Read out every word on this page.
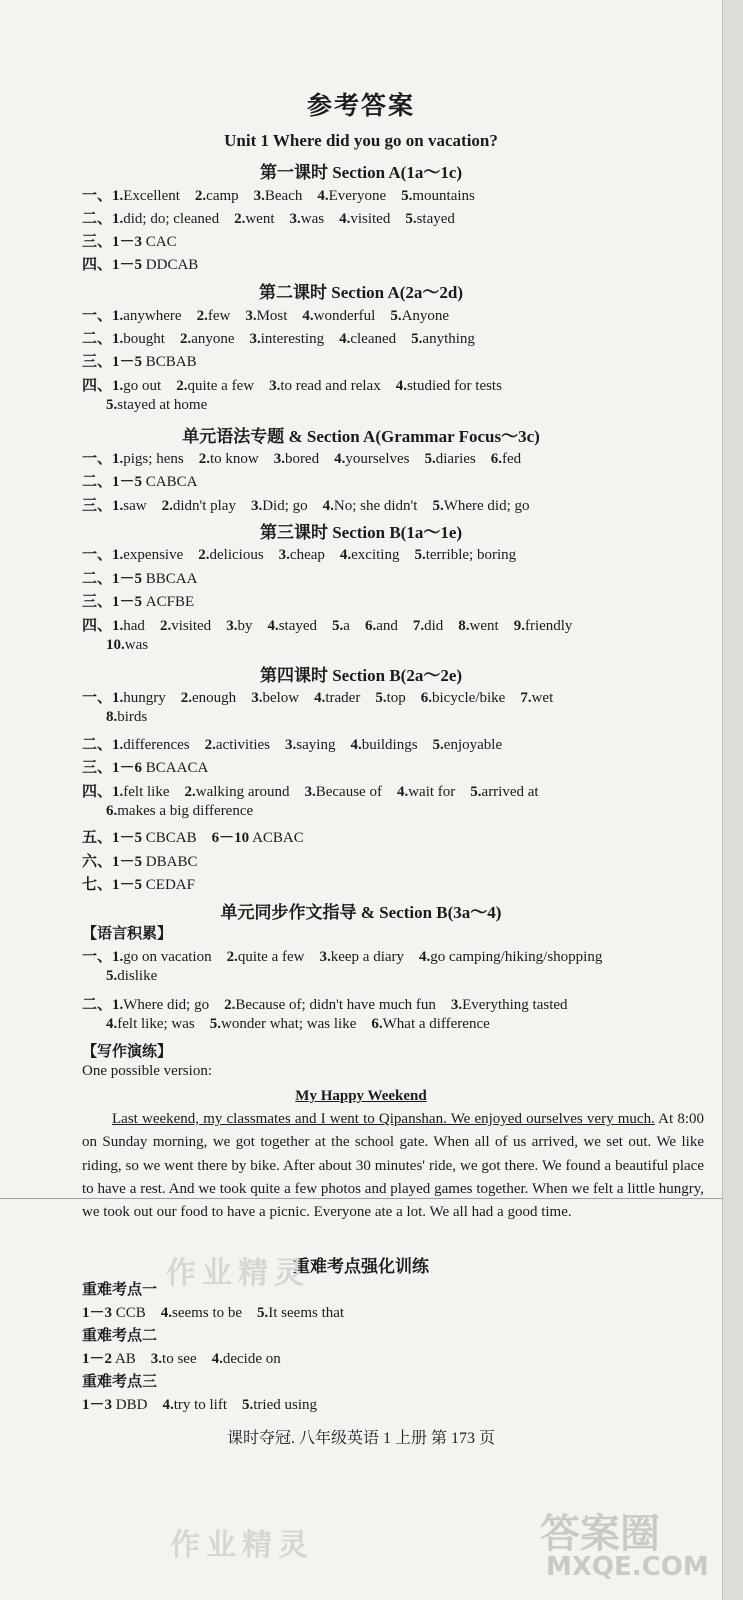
参考答案
Unit 1 Where did you go on vacation?
第一课时 Section A(1a～1c)
一、1.Excellent  2.camp  3.Beach  4.Everyone  5.mountains
二、1.did; do; cleaned  2.went  3.was  4.visited  5.stayed
三、1－3 CAC
四、1－5 DDCAB
第二课时 Section A(2a～2d)
一、1.anywhere  2.few  3.Most  4.wonderful  5.Anyone
二、1.bought  2.anyone  3.interesting  4.cleaned  5.anything
三、1－5 BCBAB
四、1.go out  2.quite a few  3.to read and relax  4.studied for tests
5.stayed at home
单元语法专题 & Section A(Grammar Focus～3c)
一、1.pigs; hens  2.to know  3.bored  4.yourselves  5.diaries  6.fed
二、1－5 CABCA
三、1.saw  2.didn't play  3.Did; go  4.No; she didn't  5.Where did; go
第三课时 Section B(1a～1e)
一、1.expensive  2.delicious  3.cheap  4.exciting  5.terrible; boring
二、1－5 BBCAA
三、1－5 ACFBE
四、1.had  2.visited  3.by  4.stayed  5.a  6.and  7.did  8.went  9.friendly
10.was
第四课时 Section B(2a～2e)
一、1.hungry  2.enough  3.below  4.trader  5.top  6.bicycle/bike  7.wet
8.birds
二、1.differences  2.activities  3.saying  4.buildings  5.enjoyable
三、1－6 BCAACA
四、1.felt like  2.walking around  3.Because of  4.wait for  5.arrived at
6.makes a big difference
五、1－5 CBCAB  6－10 ACBAC
六、1－5 DBABC
七、1－5 CEDAF
单元同步作文指导 & Section B(3a～4)
【语言积累】
一、1.go on vacation  2.quite a few  3.keep a diary  4.go camping/hiking/shopping
5.dislike
二、1.Where did; go  2.Because of; didn't have much fun  3.Everything tasted
4.felt like; was  5.wonder what; was like  6.What a difference
【写作演练】
One possible version:
My Happy Weekend

Last weekend, my classmates and I went to Qipanshan. We enjoyed ourselves very much. At 8:00 on Sunday morning, we got together at the school gate. When all of us arrived, we set out. We like riding, so we went there by bike. After about 30 minutes' ride, we got there. We found a beautiful place to have a rest. And we took quite a few photos and played games together. When we felt a little hungry, we took out our food to have a picnic. Everyone ate a lot. We all had a good time.

重难考点强化训练
重难考点一
1－3 CCB  4.seems to be  5.It seems that
重难考点二
1－2 AB  3.to see  4.decide on
重难考点三
1－3 DBD  4.try to lift  5.tried using
课时夺冠. 八年级英语 1 上册 第 173 页
作业精灵
作业精灵	答案圈
MXQE.COM
